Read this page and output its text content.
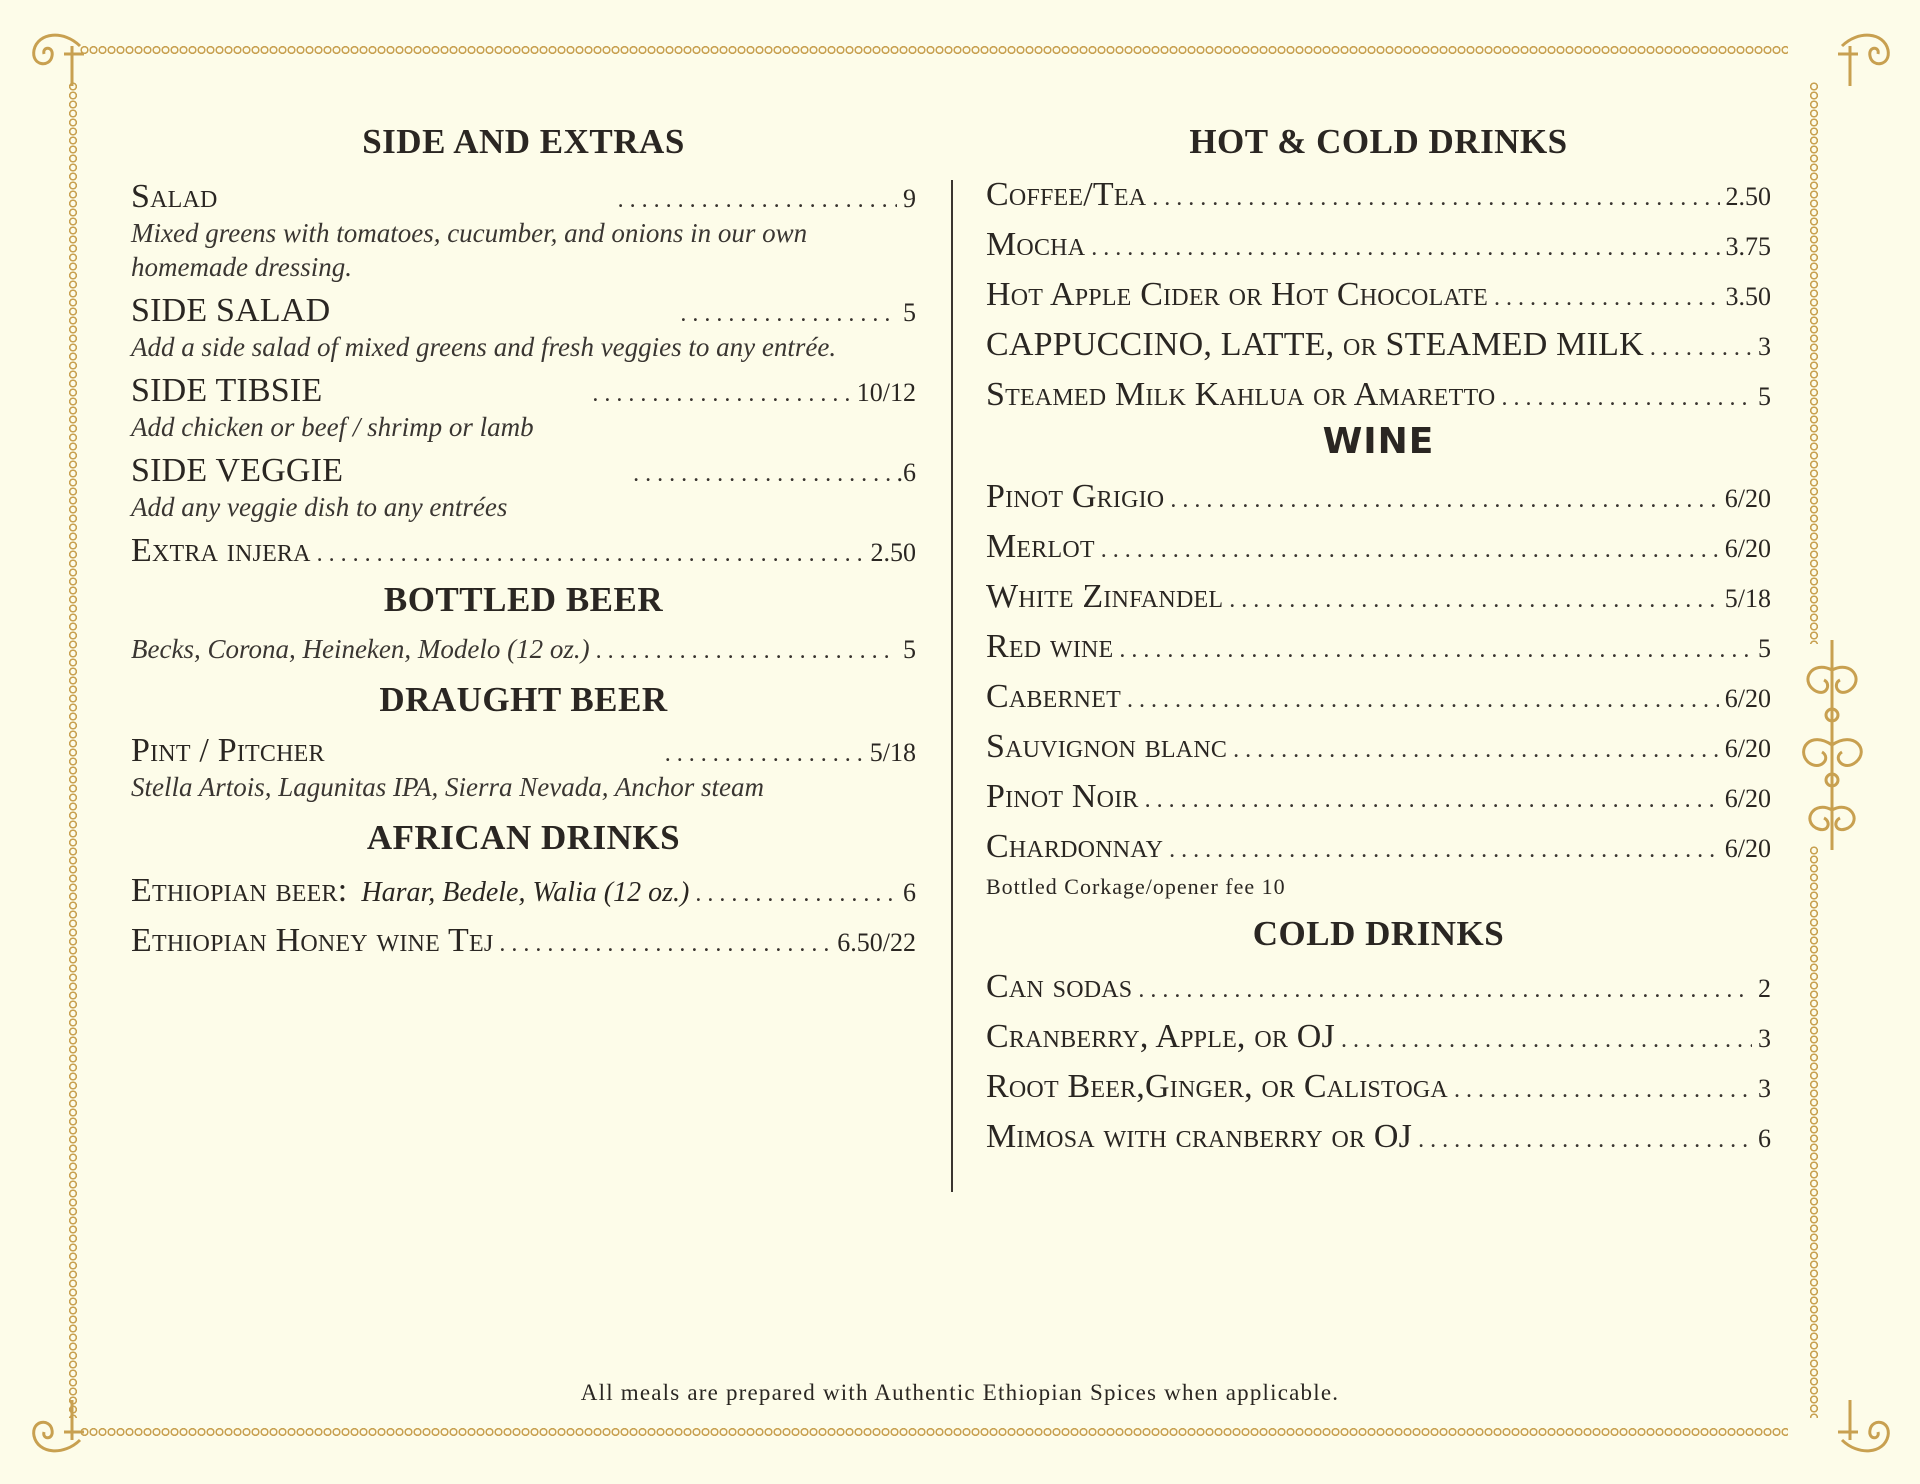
SIDE AND EXTRAS
Salad .....	9
Mixed greens with tomatoes, cucumber, and onions in our own homemade dressing.
SIDE SALAD .....	5
Add a side salad of mixed greens and fresh veggies to any entrée.
SIDE TIBSIE .....	10/12
Add chicken or beef / shrimp or lamb
SIDE VEGGIE .....	.6
Add any veggie dish to any entrées
Extra injera .....	2.50
BOTTLED BEER
Becks, Corona, Heineken, Modelo (12 oz.) .....	5
DRAUGHT BEER
Pint / Pitcher .....	5/18
Stella Artois, Lagunitas IPA, Sierra Nevada, Anchor steam
AFRICAN DRINKS
Ethiopian beer: Harar, Bedele, Walia (12 oz.) .....	6
Ethiopian Honey wine Tej .....	6.50/22
HOT & COLD DRINKS
Coffee/Tea .....	2.50
Mocha .....	3.75
Hot Apple Cider or Hot Chocolate .....	3.50
CAPPUCCINO, LATTE, or STEAMED MILK .....	3
Steamed Milk Kahlua or Amaretto .....	5
WINE
Pinot Grigio .....	6/20
Merlot .....	6/20
White Zinfandel .....	5/18
Red wine .....	5
Cabernet .....	6/20
Sauvignon blanc .....	6/20
Pinot Noir .....	6/20
Chardonnay .....	6/20
Bottled Corkage/opener fee 10
COLD DRINKS
Can sodas .....	2
Cranberry, Apple, or OJ .....	3
Root Beer,Ginger, or Calistoga .....	3
Mimosa with cranberry or OJ .....	6
All meals are prepared with Authentic Ethiopian Spices when applicable.
